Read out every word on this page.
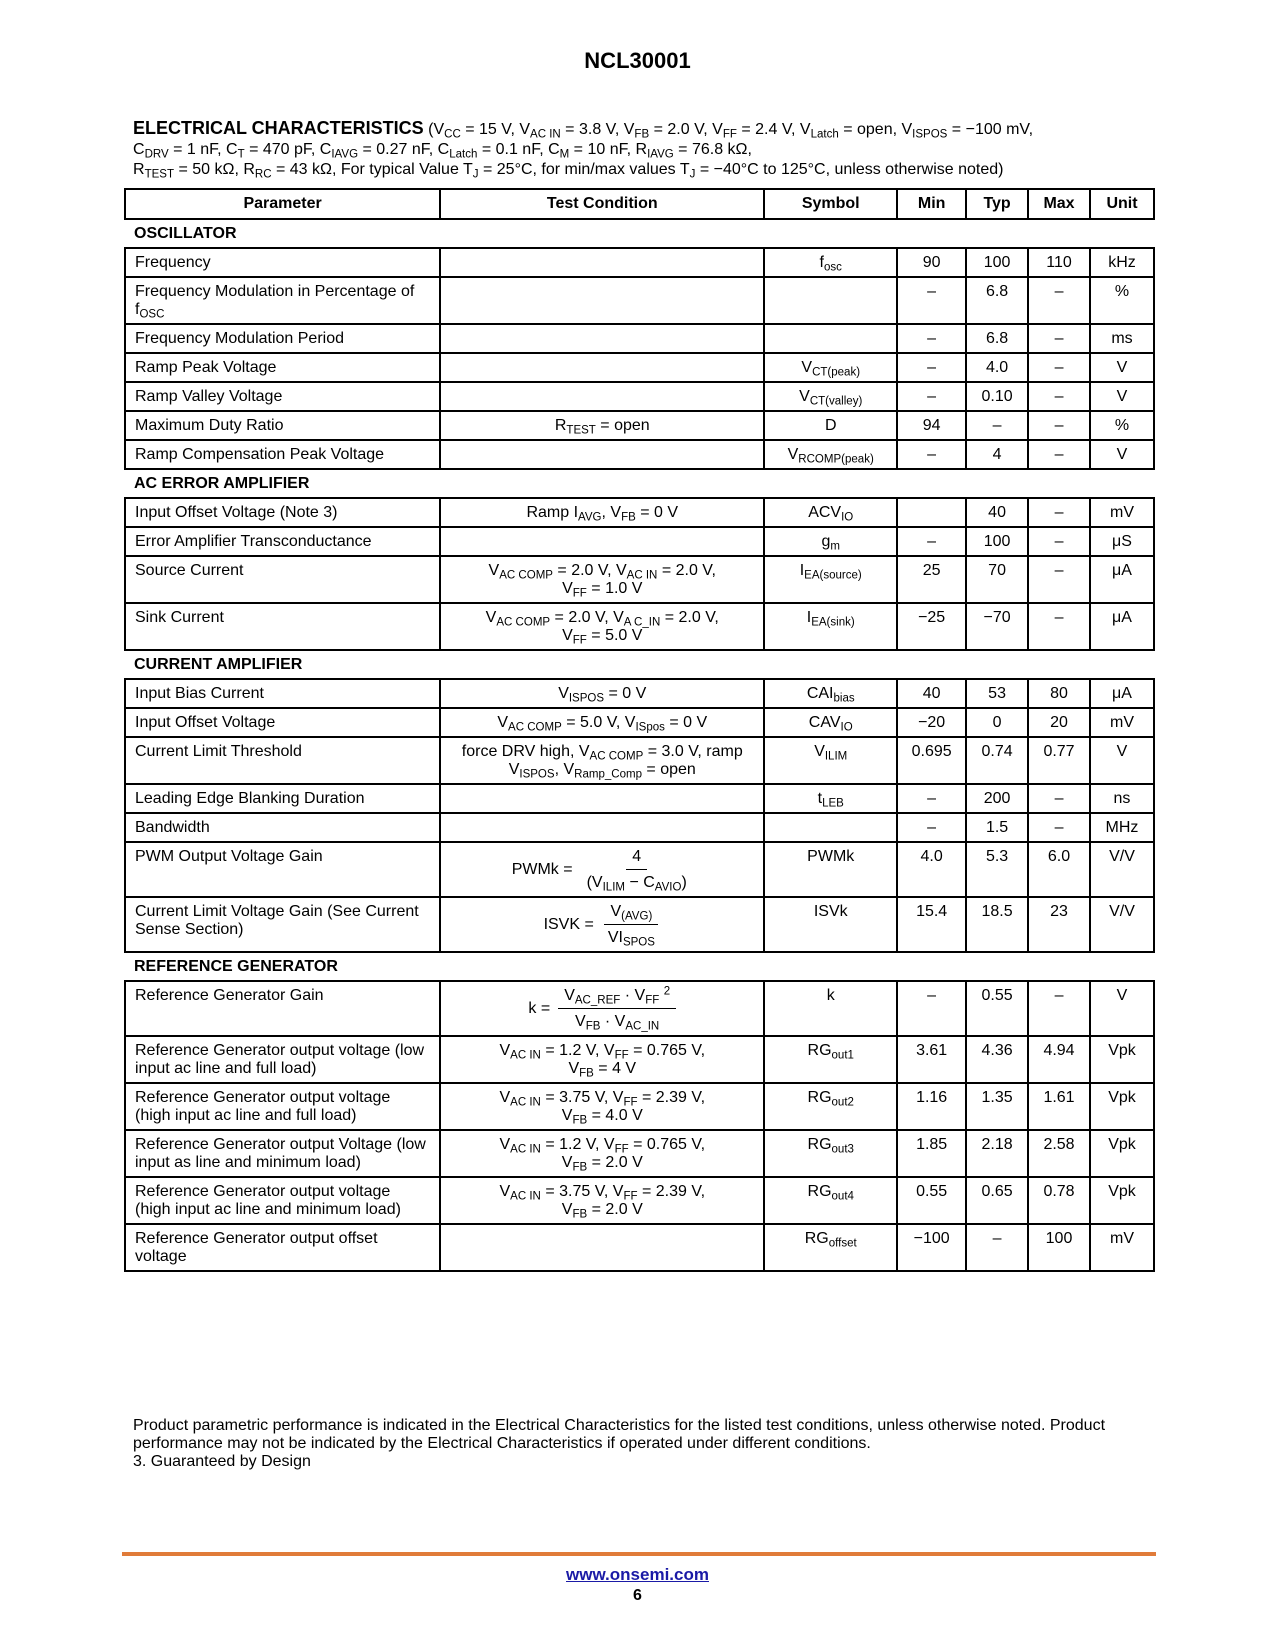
NCL30001
ELECTRICAL CHARACTERISTICS ($V_{CC} = 15$ V, $V_{AC IN} = 3.8$ V, $V_{FB} = 2.0$ V, $V_{FF} = 2.4$ V, $V_{Latch}$ = open, $V_{ISPOS} = -100$ mV,
$C_{DRV} = 1$ nF, $C_T = 470$ pF, $C_{IAVG} = 0.27$ nF, $C_{Latch} = 0.1$ nF, $C_M = 10$ nF, $R_{IAVG} = 76.8$ kΩ,
$R_{TEST} = 50$ kΩ, $R_{RC} = 43$ kΩ, For typical Value $T_J = 25^\circ C$, for min/max values $T_J = -40^\circ C$ to 125°C, unless otherwise noted)
Parameter	Test Condition	Symbol	Min	Typ	Max	Unit
OSCILLATOR						
Frequency		$f_{osc}$	90	100	110	kHz
Frequency Modulation in Percentage of $f_{OSC}$			–	6.8	–	%
Frequency Modulation Period			–	6.8	–	ms
Ramp Peak Voltage		$V_{CT(peak)}$	–	4.0	–	V
Ramp Valley Voltage		$V_{CT(valley)}$	–	0.10	–	V
Maximum Duty Ratio	$R_{TEST}$ = open	D	94	–	–	%
Ramp Compensation Peak Voltage		$V_{RCOMP(peak)}$	–	4	–	V
AC ERROR AMPLIFIER						
Input Offset Voltage (Note 3)	Ramp $I_{AVG}$, $V_{FB} = 0$ V	$ACV_{IO}$		40	–	mV
Error Amplifier Transconductance		$g_m$	–	100	–	μS
Source Current	$V_{AC COMP} = 2.0$ V, $V_{AC IN} = 2.0$ V,
$V_{FF} = 1.0$ V	$I_{EA(source)}$	25	70	–	μA
Sink Current	$V_{AC COMP} = 2.0$ V, $V_{A C\_IN} = 2.0$ V,
$V_{FF} = 5.0$ V	$I_{EA(sink)}$	−25	−70	–	μA
CURRENT AMPLIFIER						
Input Bias Current	$V_{ISPOS} = 0$ V	$CAI_{bias}$	40	53	80	μA
Input Offset Voltage	$V_{AC COMP} = 5.0$ V, $V_{ISpos} = 0$ V	$CAV_{IO}$	−20	0	20	mV
Current Limit Threshold	force DRV high, $V_{AC COMP} = 3.0$ V, ramp
$V_{ISPOS}$, $V_{Ramp\_Comp}$ = open	$V_{ILIM}$	0.695	0.74	0.77	V
Leading Edge Blanking Duration		$t_{LEB}$	–	200	–	ns
Bandwidth			–	1.5	–	MHz
PWM Output Voltage Gain	PWMk = $\frac{4}{(V_{ILIM} - C_{AVIO})}$	PWMk	4.0	5.3	6.0	V/V
Current Limit Voltage Gain (See Current Sense Section)	ISVK = $\frac{V_{(AVG)}}{VI_{SPOS}}$	ISVk	15.4	18.5	23	V/V
REFERENCE GENERATOR						
Reference Generator Gain	$k = \frac{V_{AC\_REF} \cdot V_{FF} ^2}{V_{FB} \cdot V_{AC\_IN}}$	k	–	0.55	–	V
Reference Generator output voltage (low input ac line and full load)	$V_{AC IN} = 1.2$ V, $V_{FF} = 0.765$ V,
$V_{FB} = 4$ V	$RG_{out1}$	3.61	4.36	4.94	Vpk
Reference Generator output voltage (high input ac line and full load)	$V_{AC IN} = 3.75$ V, $V_{FF} = 2.39$ V,
$V_{FB} = 4.0$ V	$RG_{out2}$	1.16	1.35	1.61	Vpk
Reference Generator output Voltage (low input as line and minimum load)	$V_{AC IN} = 1.2$ V, $V_{FF} = 0.765$ V,
$V_{FB} = 2.0$ V	$RG_{out3}$	1.85	2.18	2.58	Vpk
Reference Generator output voltage (high input ac line and minimum load)	$V_{AC IN} = 3.75$ V, $V_{FF} = 2.39$ V,
$V_{FB} = 2.0$ V	$RG_{out4}$	0.55	0.65	0.78	Vpk
Reference Generator output offset voltage		$RG_{offset}$	−100	–	100	mV
Product parametric performance is indicated in the Electrical Characteristics for the listed test conditions, unless otherwise noted. Product performance may not be indicated by the Electrical Characteristics if operated under different conditions.
3. Guaranteed by Design
www.onsemi.com
6
